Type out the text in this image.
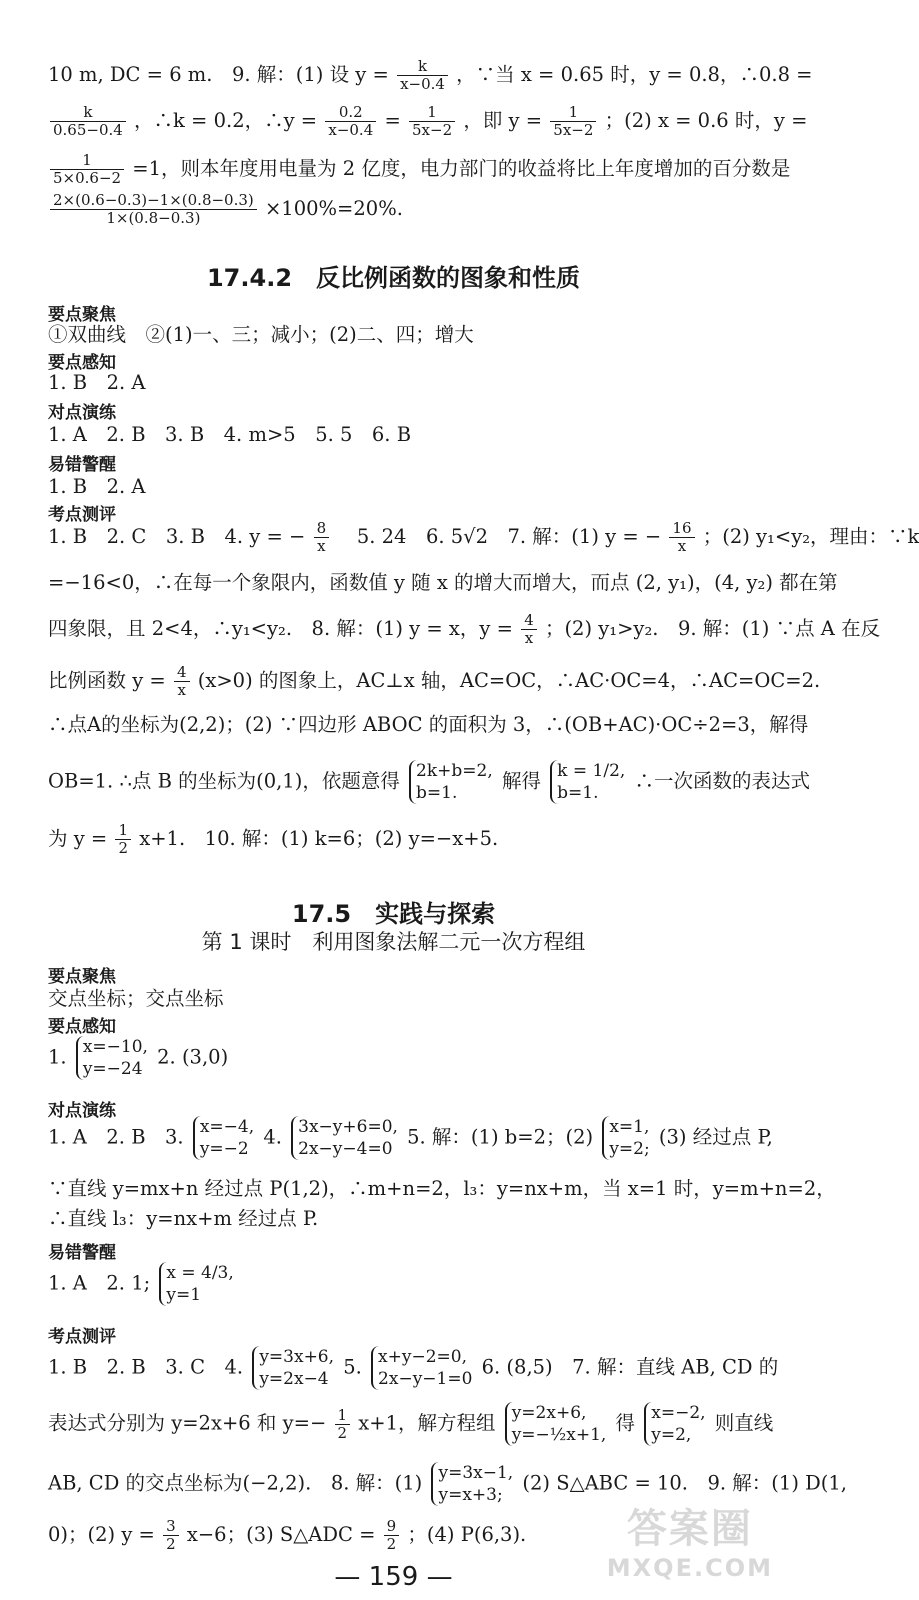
10 m, DC = 6 m.　9. 解：(1) 设 $y = \frac{k}{x-0.4}$ ，∵当 x = 0.65 时，y = 0.8，∴0.8 =
$\frac{k}{0.65-0.4}$ ，∴k = 0.2，∴y = $\frac{0.2}{x-0.4} = \frac{1}{5x-2}$ ，即 $y = \frac{1}{5x-2}$ ；(2) x = 0.6 时，y =
$\frac{1}{5\times 0.6-2} =1$，则本年度用电量为 2 亿度，电力部门的收益将比上年度增加的百分数是
$\frac{2\times(0.6-0.3)-1\times(0.8-0.3)}{1\times(0.8-0.3)} \times 100\%=20\%$.
17.4.2　反比例函数的图象和性质
要点聚焦
①双曲线　②(1)一、三；减小；(2)二、四；增大
要点感知
1. B　2. A
对点演练
1. A　2. B　3. B　4. m>5　5. 5　6. B
易错警醒
1. B　2. A
考点测评
1. B　2. C　3. B　4. y = − $\frac{8}{x}$ 　5. 24　6. 5√2　7. 解：(1) y = − $\frac{16}{x}$ ；(2) y₁<y₂，理由：∵k
=−16<0，∴在每一个象限内，函数值 y 随 x 的增大而增大，而点 (2, y₁)，(4, y₂) 都在第
四象限，且 2<4，∴y₁<y₂.　8. 解：(1) y = x，$y = \frac{4}{x}$ ；(2) y₁>y₂.　9. 解：(1) ∵点 A 在反
比例函数 $y = \frac{4}{x} (x>0)$ 的图象上，AC⊥x 轴，AC=OC，∴AC·OC=4，∴AC=OC=2.
∴点A的坐标为(2,2)；(2) ∵四边形 ABOC 的面积为 3，∴(OB+AC)·OC÷2=3，解得
OB=1. ∴点 B 的坐标为(0,1)，依题意得 2k+b=2,
b=1.
解得 k = 1/2,
b=1.
∴一次函数的表达式
为 $y = \frac{1}{2} x+1$.　10. 解：(1) k=6；(2) y=−x+5.
17.5　实践与探索
第 1 课时　利用图象法解二元一次方程组
要点聚焦
交点坐标；交点坐标
要点感知
1. x=−10,
y=−24
2. (3,0)
对点演练
1. A　2. B　3. x=−4,
y=−2
4. 3x−y+6=0,
2x−y−4=0
5. 解：(1) b=2；(2) x=1,
y=2;
(3) 经过点 P,
∵直线 y=mx+n 经过点 P(1,2)，∴m+n=2，l₃：y=nx+m，当 x=1 时，y=m+n=2，
∴直线 l₃：y=nx+m 经过点 P.
易错警醒
1. A　2. 1; x = 4/3,
y=1
考点测评
1. B　2. B　3. C　4. y=3x+6,
y=2x−4
5. x+y−2=0,
2x−y−1=0
6. (8,5)　7. 解：直线 AB, CD 的
表达式分别为 y=2x+6 和 $y=- \frac{1}{2} x+1$，解方程组 y=2x+6,
y=−½x+1,
得 x=−2,
y=2,
则直线
AB, CD 的交点坐标为(−2,2).　8. 解：(1) y=3x−1,
y=x+3;
(2) S△ABC = 10.　9. 解：(1) D(1,
0)；(2) $y = \frac{3}{2} x-6$；(3) S△ADC = $\frac{9}{2}$ ；(4) P(6,3).
— 159 —
答案圈
MXQE.COM
